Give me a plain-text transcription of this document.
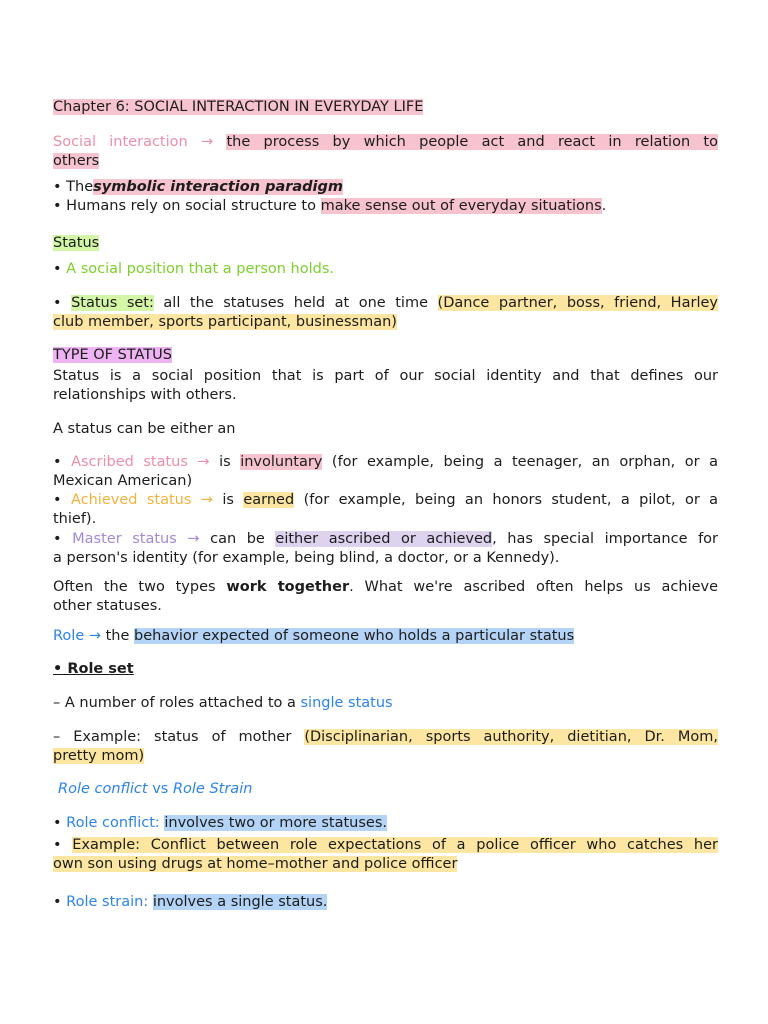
Chapter 6: SOCIAL INTERACTION IN EVERYDAY LIFE
Social interaction → the process by which people act and react in relation to
others
• Thesymbolic interaction paradigm
• Humans rely on social structure to make sense out of everyday situations.
Status
• A social position that a person holds.
• Status set: all the statuses held at one time (Dance partner, boss, friend, Harley
club member, sports participant, businessman)
TYPE OF STATUS
Status is a social position that is part of our social identity and that defines our
relationships with others.
A status can be either an
• Ascribed status → is involuntary (for example, being a teenager, an orphan, or a
Mexican American)
• Achieved status → is earned (for example, being an honors student, a pilot, or a
thief).
• Master status → can be either ascribed or achieved, has special importance for
a person's identity (for example, being blind, a doctor, or a Kennedy).
Often the two types work together. What we're ascribed often helps us achieve
other statuses.
Role → the behavior expected of someone who holds a particular status
• Role set
– A number of roles attached to a single status
– Example: status of mother (Disciplinarian, sports authority, dietitian, Dr. Mom,
pretty mom)
Role conflict vs Role Strain
• Role conflict: involves two or more statuses.
• Example: Conflict between role expectations of a police officer who catches her
own son using drugs at home–mother and police officer
• Role strain: involves a single status.
